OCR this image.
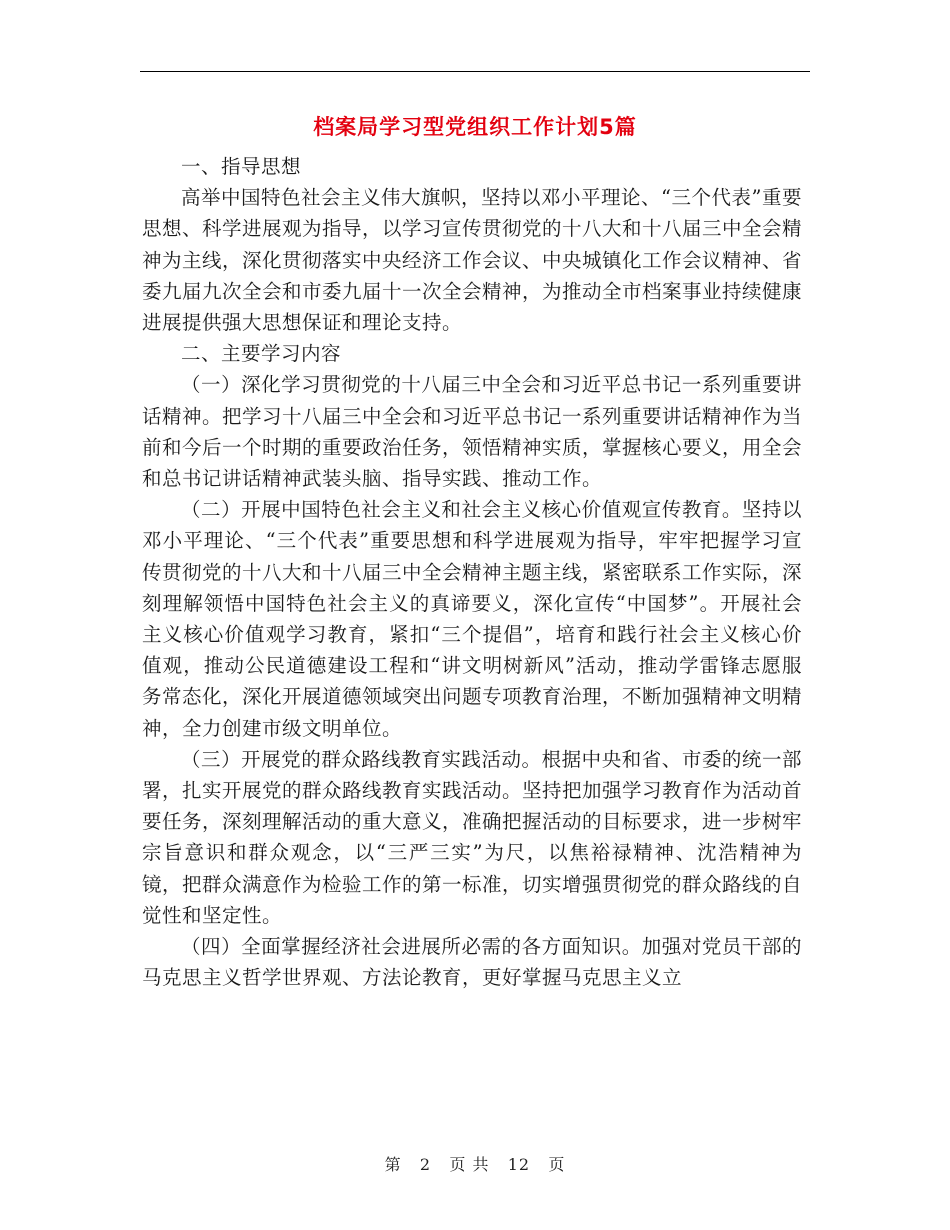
档案局学习型党组织工作计划5篇

一、指导思想

高举中国特色社会主义伟大旗帜，坚持以邓小平理论、“三个代表”重要思想、科学进展观为指导，以学习宣传贯彻党的十八大和十八届三中全会精神为主线，深化贯彻落实中央经济工作会议、中央城镇化工作会议精神、省委九届九次全会和市委九届十一次全会精神，为推动全市档案事业持续健康进展提供强大思想保证和理论支持。

二、主要学习内容

（一）深化学习贯彻党的十八届三中全会和习近平总书记一系列重要讲话精神。把学习十八届三中全会和习近平总书记一系列重要讲话精神作为当前和今后一个时期的重要政治任务，领悟精神实质，掌握核心要义，用全会和总书记讲话精神武装头脑、指导实践、推动工作。

（二）开展中国特色社会主义和社会主义核心价值观宣传教育。坚持以邓小平理论、“三个代表”重要思想和科学进展观为指导，牢牢把握学习宣传贯彻党的十八大和十八届三中全会精神主题主线，紧密联系工作实际，深刻理解领悟中国特色社会主义的真谛要义，深化宣传“中国梦”。开展社会主义核心价值观学习教育，紧扣“三个提倡”，培育和践行社会主义核心价值观，推动公民道德建设工程和“讲文明树新风”活动，推动学雷锋志愿服务常态化，深化开展道德领域突出问题专项教育治理，不断加强精神文明精神，全力创建市级文明单位。

（三）开展党的群众路线教育实践活动。根据中央和省、市委的统一部署，扎实开展党的群众路线教育实践活动。坚持把加强学习教育作为活动首要任务，深刻理解活动的重大意义，准确把握活动的目标要求，进一步树牢宗旨意识和群众观念，以“三严三实”为尺，以焦裕禄精神、沈浩精神为镜，把群众满意作为检验工作的第一标准，切实增强贯彻党的群众路线的自觉性和坚定性。

（四）全面掌握经济社会进展所必需的各方面知识。加强对党员干部的马克思主义哲学世界观、方法论教育，更好掌握马克思主义立

第 2 页 共 12 页
